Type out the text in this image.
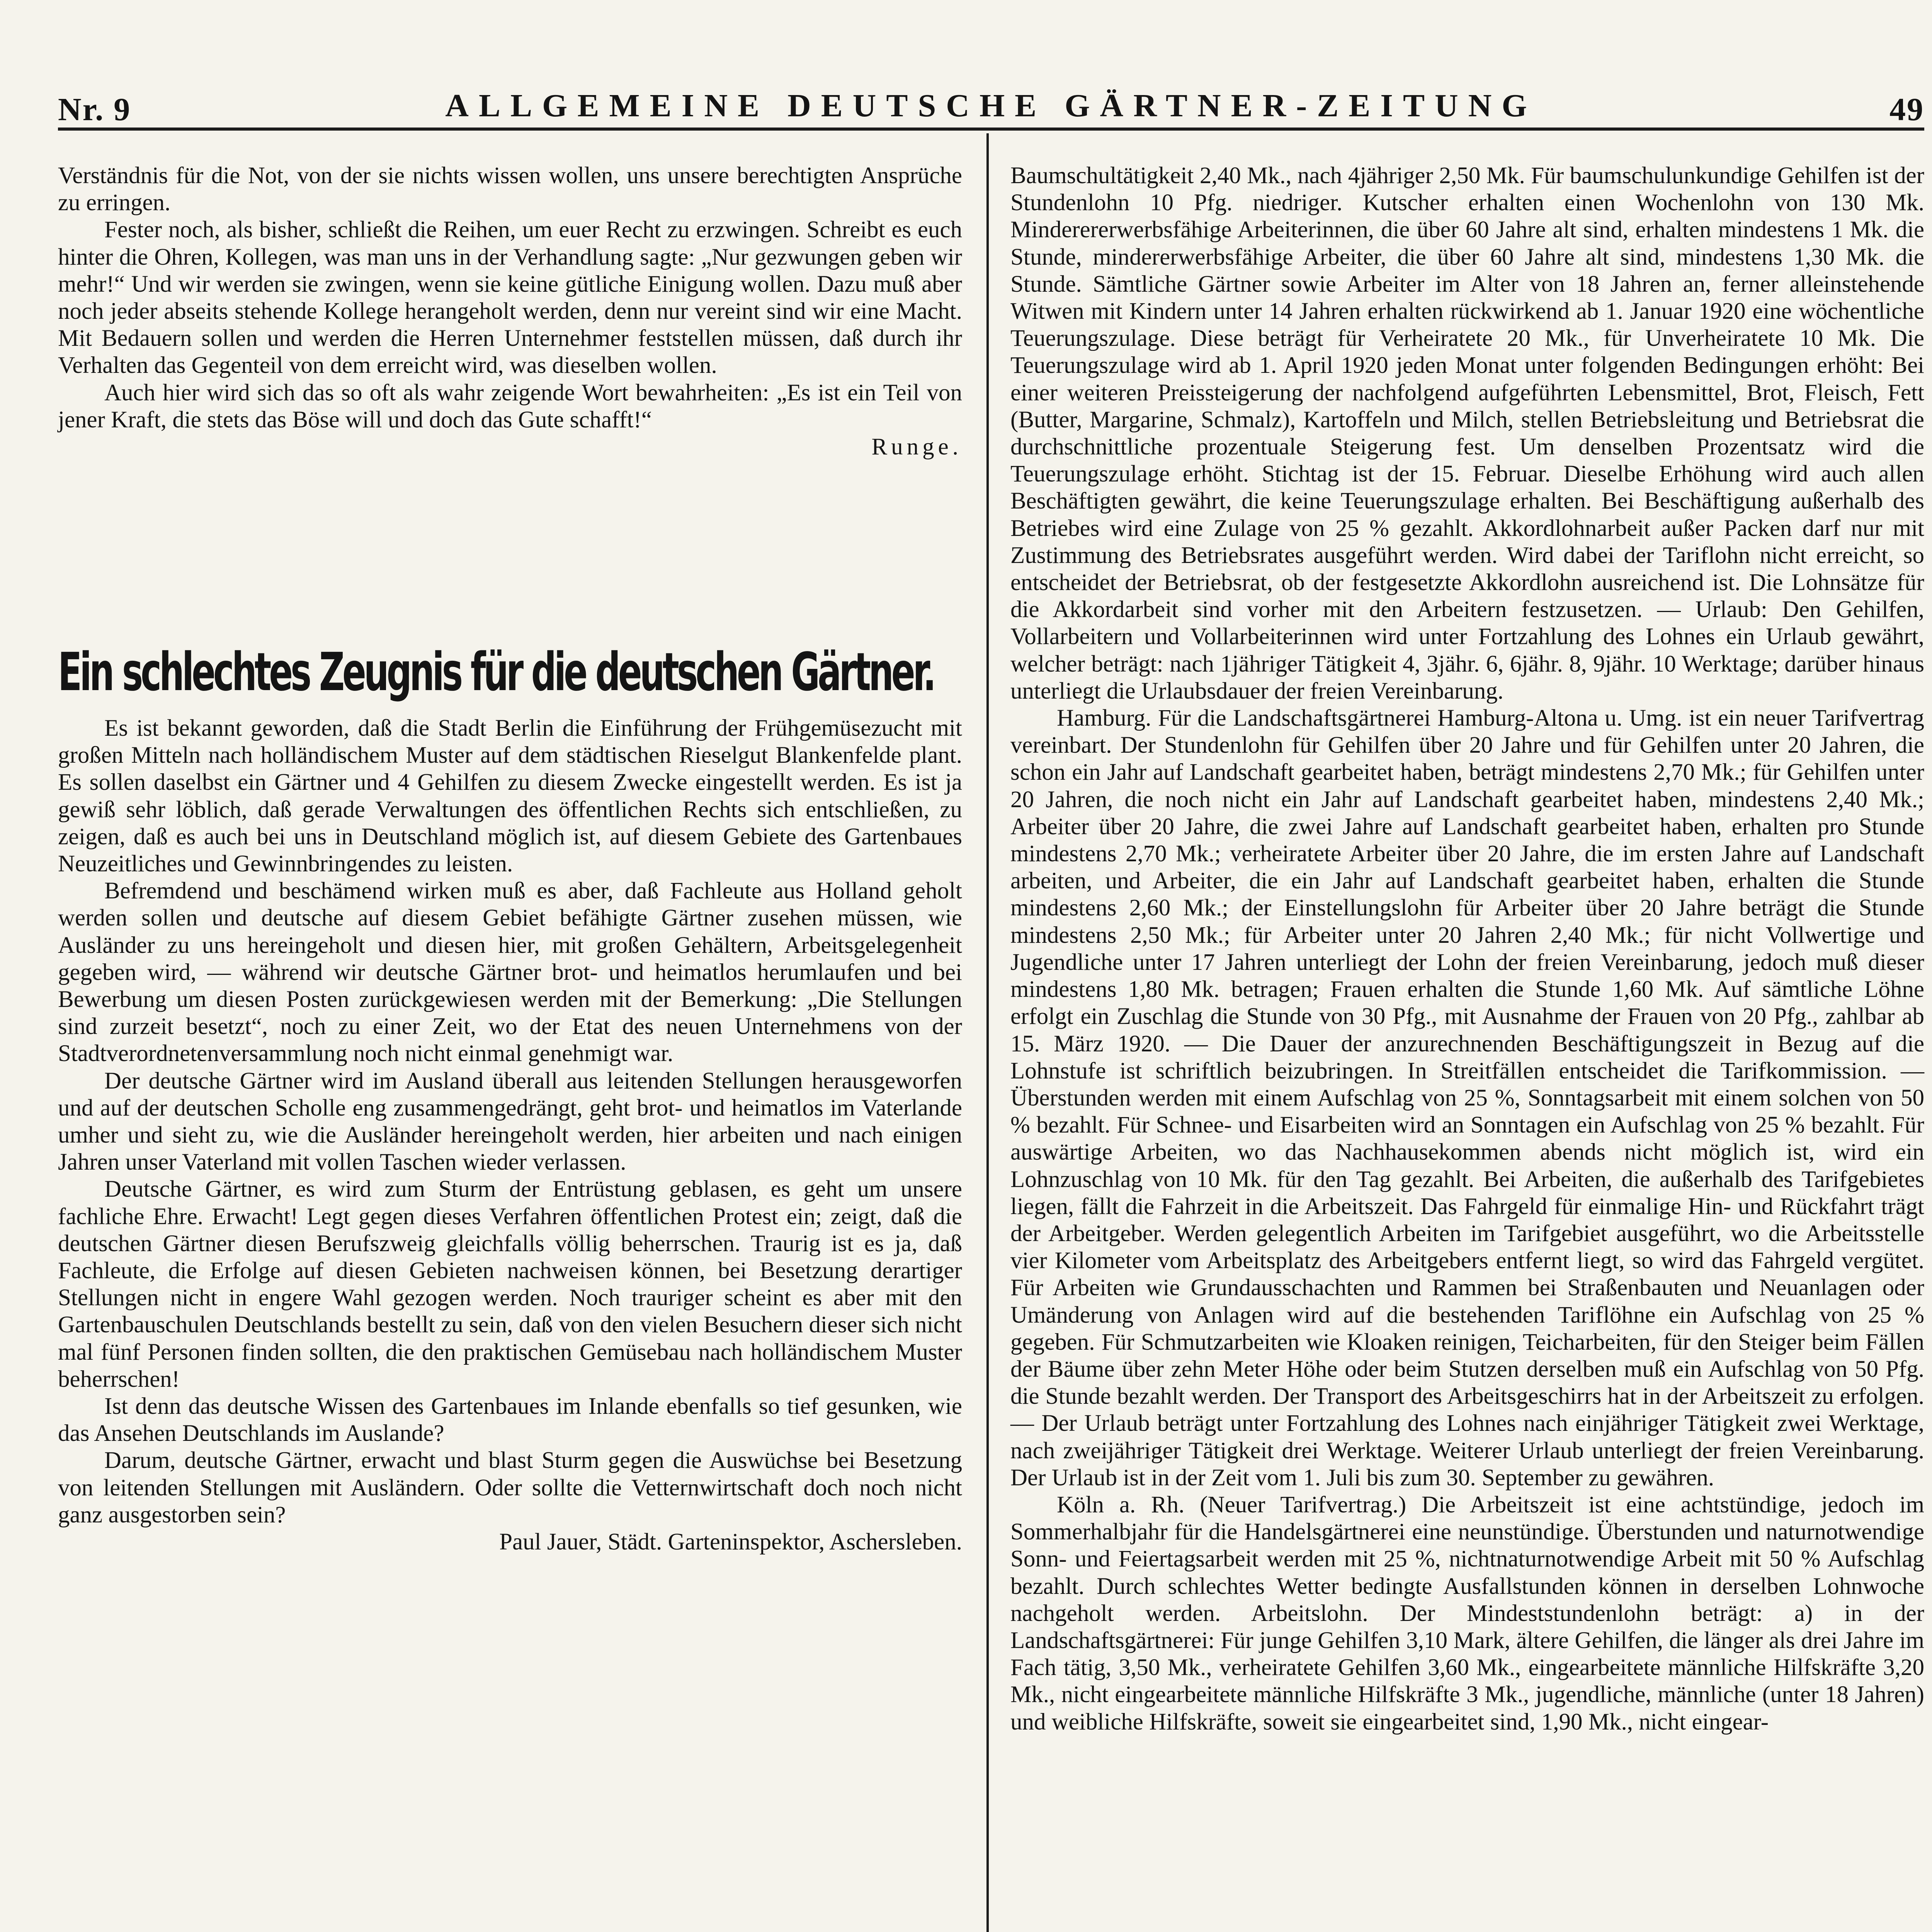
Nr. 9	ALLGEMEINE DEUTSCHE GÄRTNER-ZEITUNG	49

Verständnis für die Not, von der sie nichts wissen wollen, uns unsere berechtigten Ansprüche zu erringen.

Fester noch, als bisher, schließt die Reihen, um euer Recht zu erzwingen. Schreibt es euch hinter die Ohren, Kollegen, was man uns in der Verhandlung sagte: „Nur gezwungen geben wir mehr!“ Und wir werden sie zwingen, wenn sie keine gütliche Einigung wollen. Dazu muß aber noch jeder abseits stehende Kollege herangeholt werden, denn nur vereint sind wir eine Macht. Mit Bedauern sollen und werden die Herren Unternehmer feststellen müssen, daß durch ihr Verhalten das Gegenteil von dem erreicht wird, was dieselben wollen.

Auch hier wird sich das so oft als wahr zeigende Wort bewahrheiten: „Es ist ein Teil von jener Kraft, die stets das Böse will und doch das Gute schafft!“

Runge.

Ein schlechtes Zeugnis für die deutschen Gärtner.

Es ist bekannt geworden, daß die Stadt Berlin die Einführung der Frühgemüsezucht mit großen Mitteln nach holländischem Muster auf dem städtischen Rieselgut Blankenfelde plant. Es sollen daselbst ein Gärtner und 4 Gehilfen zu diesem Zwecke eingestellt werden. Es ist ja gewiß sehr löblich, daß gerade Verwaltungen des öffentlichen Rechts sich entschließen, zu zeigen, daß es auch bei uns in Deutschland möglich ist, auf diesem Gebiete des Gartenbaues Neuzeitliches und Gewinnbringendes zu leisten.

Befremdend und beschämend wirken muß es aber, daß Fachleute aus Holland geholt werden sollen und deutsche auf diesem Gebiet befähigte Gärtner zusehen müssen, wie Ausländer zu uns hereingeholt und diesen hier, mit großen Gehältern, Arbeitsgelegenheit gegeben wird, — während wir deutsche Gärtner brot- und heimatlos herumlaufen und bei Bewerbung um diesen Posten zurückgewiesen werden mit der Bemerkung: „Die Stellungen sind zurzeit besetzt“, noch zu einer Zeit, wo der Etat des neuen Unternehmens von der Stadtverordnetenversammlung noch nicht einmal genehmigt war.

Der deutsche Gärtner wird im Ausland überall aus leitenden Stellungen herausgeworfen und auf der deutschen Scholle eng zusammengedrängt, geht brot- und heimatlos im Vaterlande umher und sieht zu, wie die Ausländer hereingeholt werden, hier arbeiten und nach einigen Jahren unser Vaterland mit vollen Taschen wieder verlassen.

Deutsche Gärtner, es wird zum Sturm der Entrüstung geblasen, es geht um unsere fachliche Ehre. Erwacht! Legt gegen dieses Verfahren öffentlichen Protest ein; zeigt, daß die deutschen Gärtner diesen Berufszweig gleichfalls völlig beherrschen. Traurig ist es ja, daß Fachleute, die Erfolge auf diesen Gebieten nachweisen können, bei Besetzung derartiger Stellungen nicht in engere Wahl gezogen werden. Noch trauriger scheint es aber mit den Gartenbauschulen Deutschlands bestellt zu sein, daß von den vielen Besuchern dieser sich nicht mal fünf Personen finden sollten, die den praktischen Gemüsebau nach holländischem Muster beherrschen!

Ist denn das deutsche Wissen des Gartenbaues im Inlande ebenfalls so tief gesunken, wie das Ansehen Deutschlands im Auslande?

Darum, deutsche Gärtner, erwacht und blast Sturm gegen die Auswüchse bei Besetzung von leitenden Stellungen mit Ausländern. Oder sollte die Vetternwirtschaft doch noch nicht ganz ausgestorben sein?

Paul Jauer, Städt. Garteninspektor, Aschersleben.

Baumschultätigkeit 2,40 Mk., nach 4jähriger 2,50 Mk. Für baumschulunkundige Gehilfen ist der Stundenlohn 10 Pfg. niedriger. Kutscher erhalten einen Wochenlohn von 130 Mk. Minderererwerbsfähige Arbeiterinnen, die über 60 Jahre alt sind, erhalten mindestens 1 Mk. die Stunde, mindererwerbsfähige Arbeiter, die über 60 Jahre alt sind, mindestens 1,30 Mk. die Stunde. Sämtliche Gärtner sowie Arbeiter im Alter von 18 Jahren an, ferner alleinstehende Witwen mit Kindern unter 14 Jahren erhalten rückwirkend ab 1. Januar 1920 eine wöchentliche Teuerungszulage. Diese beträgt für Verheiratete 20 Mk., für Unverheiratete 10 Mk. Die Teuerungszulage wird ab 1. April 1920 jeden Monat unter folgenden Bedingungen erhöht: Bei einer weiteren Preissteigerung der nachfolgend aufgeführten Lebensmittel, Brot, Fleisch, Fett (Butter, Margarine, Schmalz), Kartoffeln und Milch, stellen Betriebsleitung und Betriebsrat die durchschnittliche prozentuale Steigerung fest. Um denselben Prozentsatz wird die Teuerungszulage erhöht. Stichtag ist der 15. Februar. Dieselbe Erhöhung wird auch allen Beschäftigten gewährt, die keine Teuerungszulage erhalten. Bei Beschäftigung außerhalb des Betriebes wird eine Zulage von 25 % gezahlt. Akkordlohnarbeit außer Packen darf nur mit Zustimmung des Betriebsrates ausgeführt werden. Wird dabei der Tariflohn nicht erreicht, so entscheidet der Betriebsrat, ob der festgesetzte Akkordlohn ausreichend ist. Die Lohnsätze für die Akkordarbeit sind vorher mit den Arbeitern festzusetzen. — Urlaub: Den Gehilfen, Vollarbeitern und Vollarbeiterinnen wird unter Fortzahlung des Lohnes ein Urlaub gewährt, welcher beträgt: nach 1jähriger Tätigkeit 4, 3jähr. 6, 6jähr. 8, 9jähr. 10 Werktage; darüber hinaus unterliegt die Urlaubsdauer der freien Vereinbarung.

Hamburg. Für die Landschaftsgärtnerei Hamburg-Altona u. Umg. ist ein neuer Tarifvertrag vereinbart. Der Stundenlohn für Gehilfen über 20 Jahre und für Gehilfen unter 20 Jahren, die schon ein Jahr auf Landschaft gearbeitet haben, beträgt mindestens 2,70 Mk.; für Gehilfen unter 20 Jahren, die noch nicht ein Jahr auf Landschaft gearbeitet haben, mindestens 2,40 Mk.; Arbeiter über 20 Jahre, die zwei Jahre auf Landschaft gearbeitet haben, erhalten pro Stunde mindestens 2,70 Mk.; verheiratete Arbeiter über 20 Jahre, die im ersten Jahre auf Landschaft arbeiten, und Arbeiter, die ein Jahr auf Landschaft gearbeitet haben, erhalten die Stunde mindestens 2,60 Mk.; der Einstellungslohn für Arbeiter über 20 Jahre beträgt die Stunde mindestens 2,50 Mk.; für Arbeiter unter 20 Jahren 2,40 Mk.; für nicht Vollwertige und Jugendliche unter 17 Jahren unterliegt der Lohn der freien Vereinbarung, jedoch muß dieser mindestens 1,80 Mk. betragen; Frauen erhalten die Stunde 1,60 Mk. Auf sämtliche Löhne erfolgt ein Zuschlag die Stunde von 30 Pfg., mit Ausnahme der Frauen von 20 Pfg., zahlbar ab 15. März 1920. — Die Dauer der anzurechnenden Beschäftigungszeit in Bezug auf die Lohnstufe ist schriftlich beizubringen. In Streitfällen entscheidet die Tarifkommission. — Überstunden werden mit einem Aufschlag von 25 %, Sonntagsarbeit mit einem solchen von 50 % bezahlt. Für Schnee- und Eisarbeiten wird an Sonntagen ein Aufschlag von 25 % bezahlt. Für auswärtige Arbeiten, wo das Nachhausekommen abends nicht möglich ist, wird ein Lohnzuschlag von 10 Mk. für den Tag gezahlt. Bei Arbeiten, die außerhalb des Tarifgebietes liegen, fällt die Fahrzeit in die Arbeitszeit. Das Fahrgeld für einmalige Hin- und Rückfahrt trägt der Arbeitgeber. Werden gelegentlich Arbeiten im Tarifgebiet ausgeführt, wo die Arbeitsstelle vier Kilometer vom Arbeitsplatz des Arbeitgebers entfernt liegt, so wird das Fahrgeld vergütet. Für Arbeiten wie Grundausschachten und Rammen bei Straßenbauten und Neuanlagen oder Umänderung von Anlagen wird auf die bestehenden Tariflöhne ein Aufschlag von 25 % gegeben. Für Schmutzarbeiten wie Kloaken reinigen, Teicharbeiten, für den Steiger beim Fällen der Bäume über zehn Meter Höhe oder beim Stutzen derselben muß ein Aufschlag von 50 Pfg. die Stunde bezahlt werden. Der Transport des Arbeitsgeschirrs hat in der Arbeitszeit zu erfolgen. — Der Urlaub beträgt unter Fortzahlung des Lohnes nach einjähriger Tätigkeit zwei Werktage, nach zweijähriger Tätigkeit drei Werktage. Weiterer Urlaub unterliegt der freien Vereinbarung. Der Urlaub ist in der Zeit vom 1. Juli bis zum 30. September zu gewähren.

Köln a. Rh. (Neuer Tarifvertrag.) Die Arbeitszeit ist eine achtstündige, jedoch im Sommerhalbjahr für die Handelsgärtnerei eine neunstündige. Überstunden und naturnotwendige Sonn- und Feiertagsarbeit werden mit 25 %, nichtnaturnotwendige Arbeit mit 50 % Aufschlag bezahlt. Durch schlechtes Wetter bedingte Ausfallstunden können in derselben Lohnwoche nachgeholt werden. Arbeitslohn. Der Mindeststundenlohn beträgt: a) in der Landschaftsgärtnerei: Für junge Gehilfen 3,10 Mark, ältere Gehilfen, die länger als drei Jahre im Fach tätig, 3,50 Mk., verheiratete Gehilfen 3,60 Mk., eingearbeitete männliche Hilfskräfte 3,20 Mk., nicht eingearbeitete männliche Hilfskräfte 3 Mk., jugendliche, männliche (unter 18 Jahren) und weibliche Hilfskräfte, soweit sie eingearbeitet sind, 1,90 Mk., nicht eingear-
